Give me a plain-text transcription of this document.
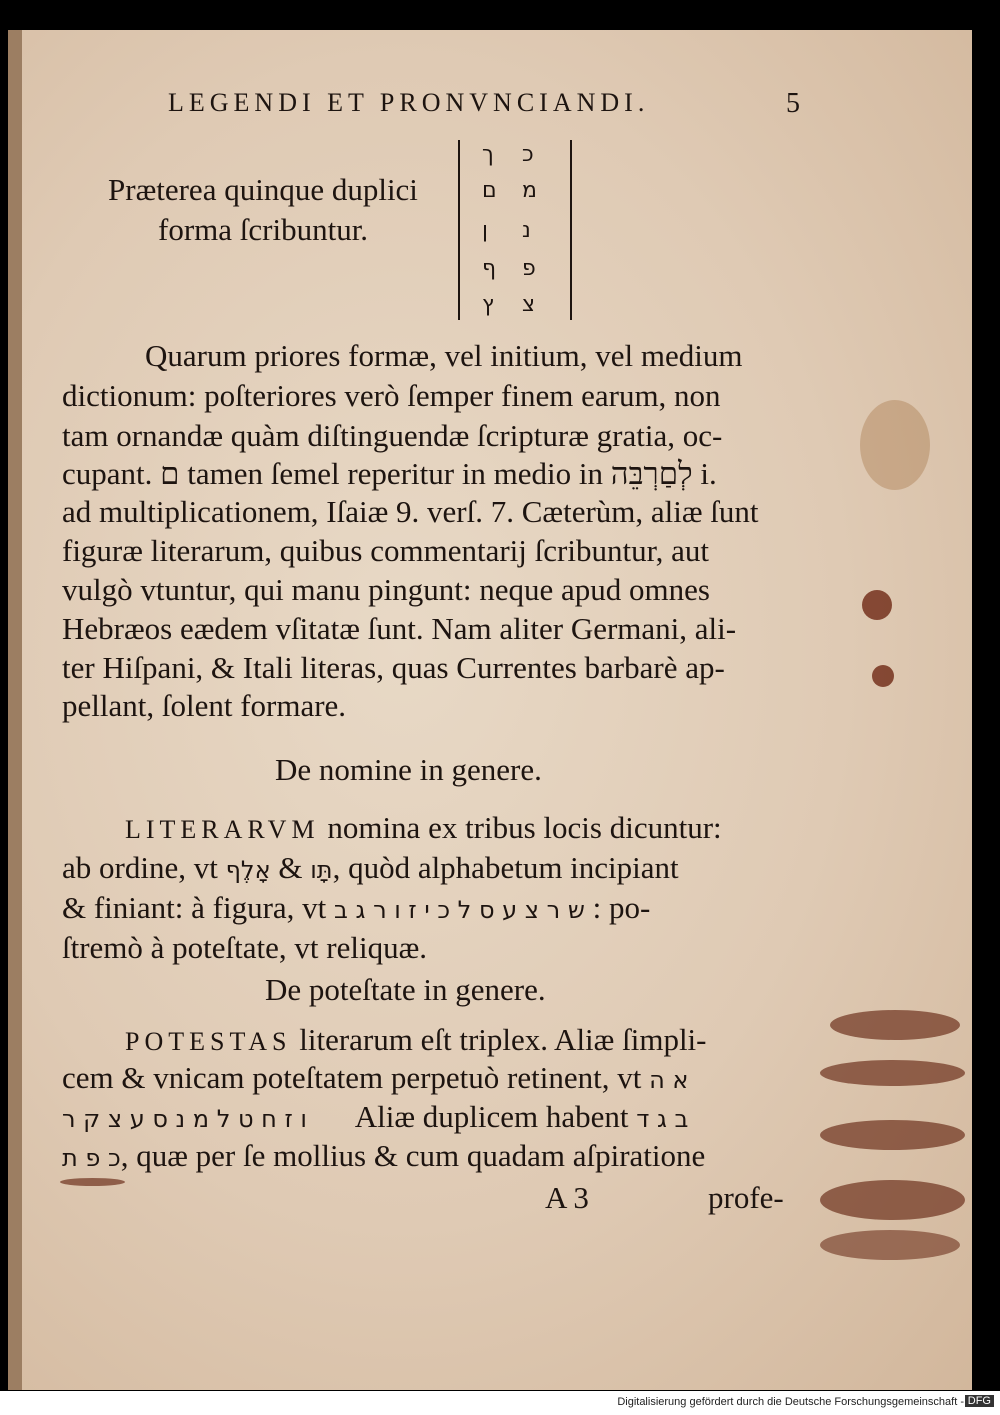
LEGENDI ET PRONVNCIANDI.	5
Præterea quinque duplici
forma ſcribuntur.
ך
ם
ן
ף
ץ
כ
מ
נ
פ
צ
Quarum priores formæ, vel initium, vel medium
dictionum: poſteriores verò ſemper finem earum, non
tam ornandæ quàm diſtinguendæ ſcripturæ gratia, oc-
cupant. ם tamen ſemel reperitur in medio in לְםַרְבֵּה i.
ad multiplicationem, Iſaiæ 9. verſ. 7. Cæterùm, aliæ ſunt
figuræ literarum, quibus commentarij ſcribuntur, aut
vulgò vtuntur, qui manu pingunt: neque apud omnes
Hebræos eædem vſitatæ ſunt. Nam aliter Germani, ali-
ter Hiſpani, & Itali literas, quas Currentes barbarè ap-
pellant, ſolent formare.
De nomine in genere.
LITERARVM nomina ex tribus locis dicuntur:
ab ordine, vt אָלֶף & תָּו, quòd alphabetum incipiant
& finiant: à figura, vt ש ר צ ע ס ל כ י ז ו ר ג ב : po-
ſtremò à poteſtate, vt reliquæ.
De poteſtate in genere.
POTESTAS literarum eſt triplex. Aliæ ſimpli-
cem & vnicam poteſtatem perpetuò retinent, vt א ה
ו ז ח ט ל מ נ ס ע צ ק ר Aliæ duplicem habent ב ג ד
כ פ ת, quæ per ſe mollius & cum quadam aſpiratione
A 3	profe-
Digitalisierung gefördert durch die Deutsche Forschungsgemeinschaft - DFG
